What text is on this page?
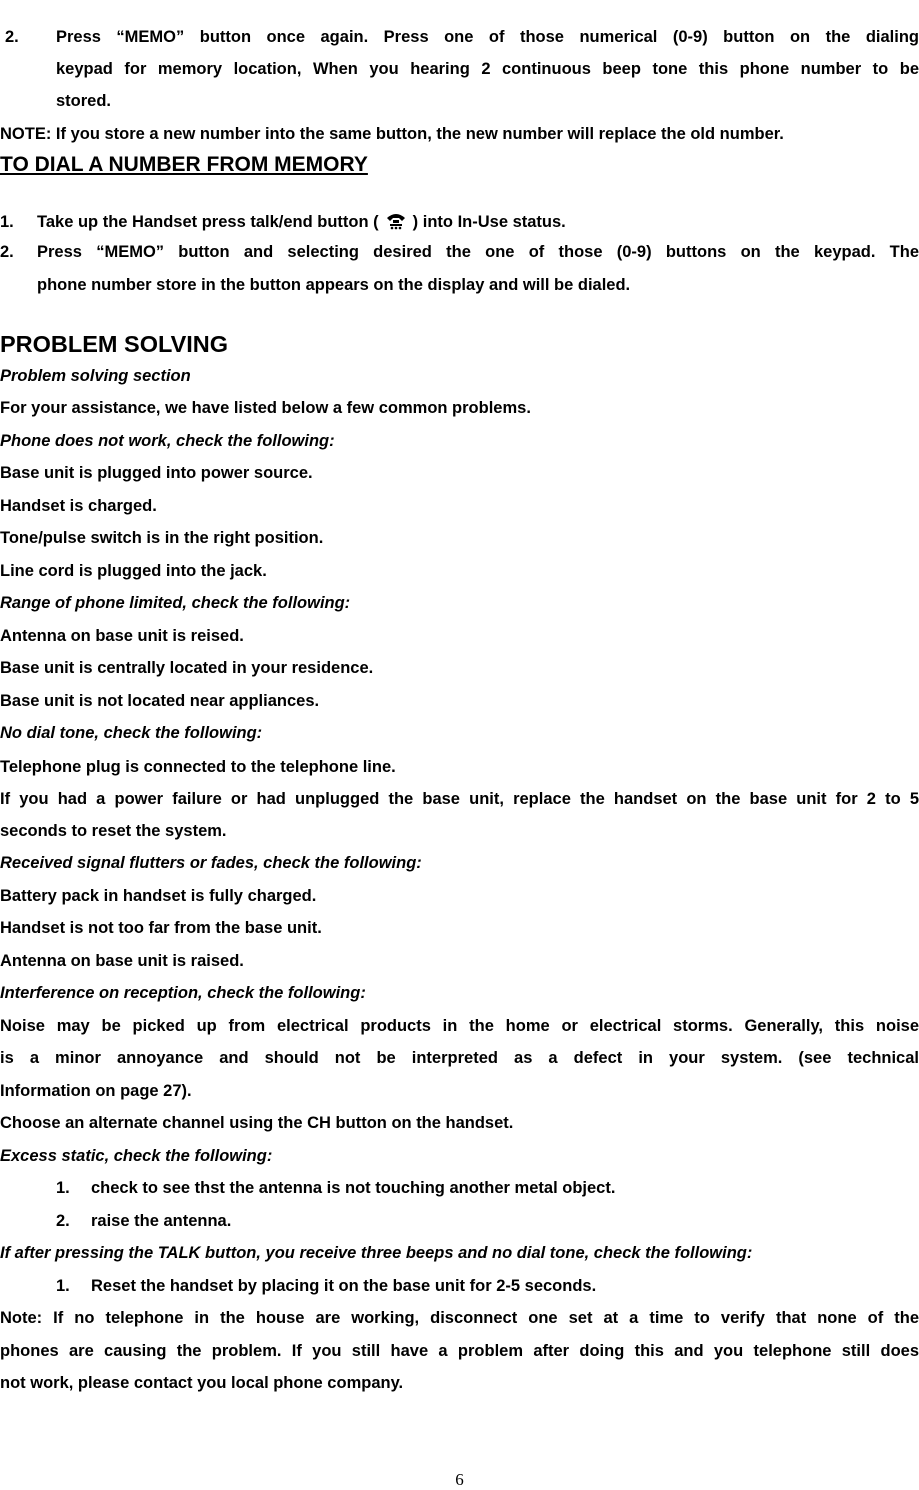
2. Press “MEMO” button once again. Press one of those numerical (0-9) button on the dialing
keypad for memory location, When you hearing 2 continuous beep tone this phone number to be
stored.
NOTE: If you store a new number into the same button, the new number will replace the old number.
TO DIAL A NUMBER FROM MEMORY
1. Take up the Handset press talk/end button ( ) into In-Use status.
2. Press “MEMO” button and selecting desired the one of those (0-9) buttons on the keypad. The
phone number store in the button appears on the display and will be dialed.
PROBLEM SOLVING
Problem solving section
For your assistance, we have listed below a few common problems.
Phone does not work, check the following:
Base unit is plugged into power source.
Handset is charged.
Tone/pulse switch is in the right position.
Line cord is plugged into the jack.
Range of phone limited, check the following:
Antenna on base unit is reised.
Base unit is centrally located in your residence.
Base unit is not located near appliances.
No dial tone, check the following:
Telephone plug is connected to the telephone line.
If you had a power failure or had unplugged the base unit, replace the handset on the base unit for 2 to 5
seconds to reset the system.
Received signal flutters or fades, check the following:
Battery pack in handset is fully charged.
Handset is not too far from the base unit.
Antenna on base unit is raised.
Interference on reception, check the following:
Noise may be picked up from electrical products in the home or electrical storms. Generally, this noise
is a minor annoyance and should not be interpreted as a defect in your system. (see technical
Information on page 27).
Choose an alternate channel using the CH button on the handset.
Excess static, check the following:
1. check to see thst the antenna is not touching another metal object.
2. raise the antenna.
If after pressing the TALK button, you receive three beeps and no dial tone, check the following:
1. Reset the handset by placing it on the base unit for 2-5 seconds.
Note: If no telephone in the house are working, disconnect one set at a time to verify that none of the
phones are causing the problem. If you still have a problem after doing this and you telephone still does
not work, please contact you local phone company.
6
